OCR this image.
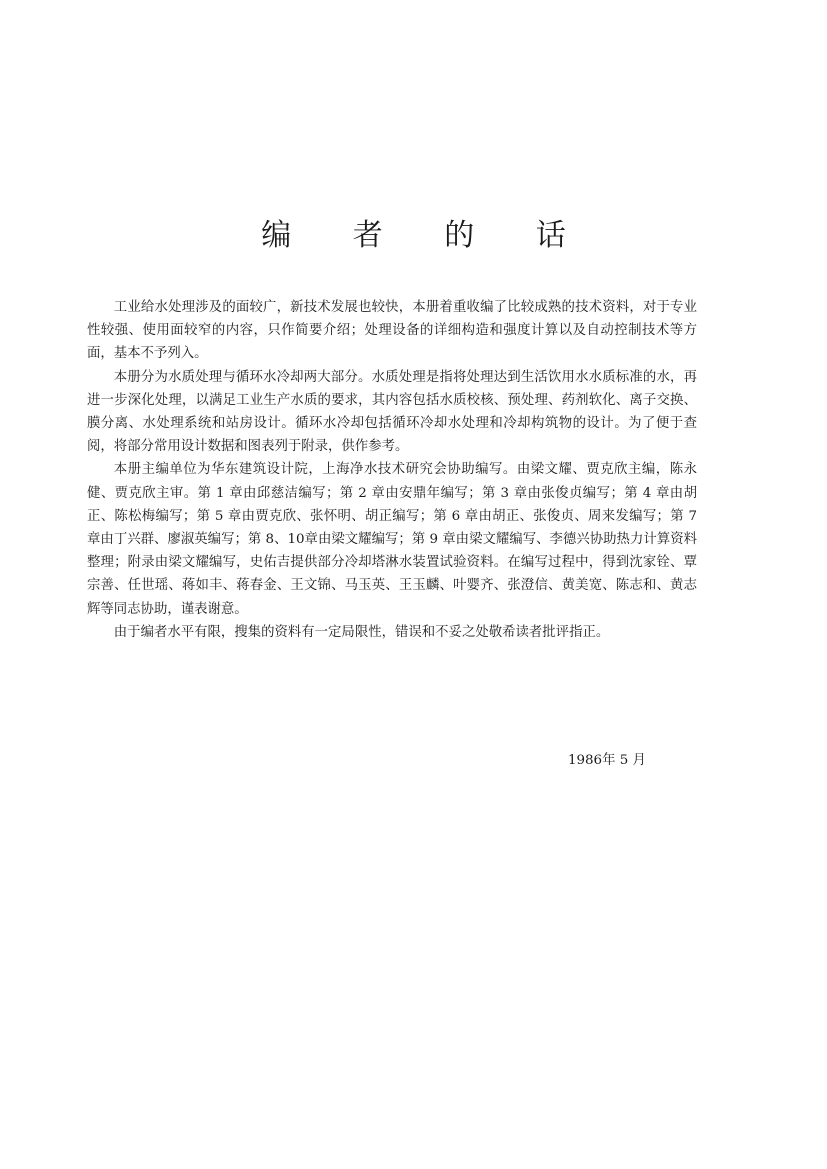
编 者 的 话

工业给水处理涉及的面较广，新技术发展也较快，本册着重收编了比较成熟的技术资料，对于专业性较强、使用面较窄的内容，只作简要介绍；处理设备的详细构造和强度计算以及自动控制技术等方面，基本不予列入。

本册分为水质处理与循环水冷却两大部分。水质处理是指将处理达到生活饮用水水质标准的水，再进一步深化处理，以满足工业生产水质的要求，其内容包括水质校核、预处理、药剂软化、离子交换、膜分离、水处理系统和站房设计。循环水冷却包括循环冷却水处理和冷却构筑物的设计。为了便于查阅，将部分常用设计数据和图表列于附录，供作参考。

本册主编单位为华东建筑设计院，上海净水技术研究会协助编写。由梁文耀、贾克欣主编，陈永健、贾克欣主审。第 1 章由邱慈洁编写；第 2 章由安鼎年编写；第 3 章由张俊贞编写；第 4 章由胡正、陈松梅编写；第 5 章由贾克欣、张怀明、胡正编写；第 6 章由胡正、张俊贞、周来发编写；第 7 章由丁兴群、廖淑英编写；第 8、10章由梁文耀编写；第 9 章由梁文耀编写、李德兴协助热力计算资料整理；附录由梁文耀编写，史佑吉提供部分冷却塔淋水装置试验资料。在编写过程中，得到沈家铨、覃宗善、任世瑶、蒋如丰、蒋春金、王文锦、马玉英、王玉麟、叶婴齐、张澄信、黄美宽、陈志和、黄志辉等同志协助，谨表谢意。

由于编者水平有限，搜集的资料有一定局限性，错误和不妥之处敬希读者批评指正。

1986年 5 月
